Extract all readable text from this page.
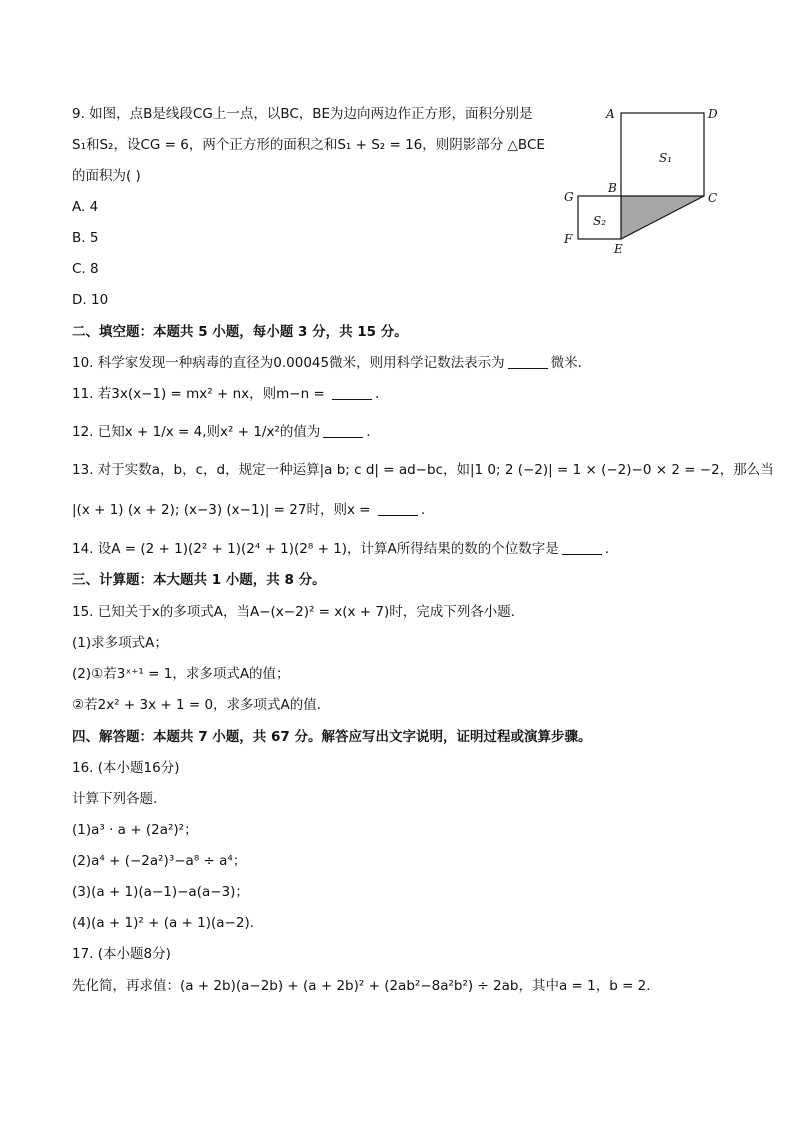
9. 如图，点B是线段CG上一点，以BC，BE为边向两边作正方形，面积分别是
S₁和S₂，设CG = 6，两个正方形的面积之和S₁ + S₂ = 16，则阴影部分 △BCE
的面积为( )
A. 4
B. 5
C. 8
D. 10
A	D
S₁
G
B
C
S₂
F
E
二、填空题：本题共 5 小题，每小题 3 分，共 15 分。
10. 科学家发现一种病毒的直径为0.00045微米，则用科学记数法表示为	微米．
11. 若3x(x−1) = mx² + nx，则m−n =	．
12. 已知x + 1/x = 4,则x² + 1/x²的值为	．
13. 对于实数a，b，c，d，规定一种运算|a b; c d| = ad−bc，如|1 0; 2 (−2)| = 1 × (−2)−0 × 2 = −2，那么当
|(x + 1) (x + 2); (x−3) (x−1)| = 27时，则x =	．
14. 设A = (2 + 1)(2² + 1)(2⁴ + 1)(2⁸ + 1)，计算A所得结果的数的个位数字是	．
三、计算题：本大题共 1 小题，共 8 分。
15. 已知关于x的多项式A，当A−(x−2)² = x(x + 7)时，完成下列各小题．
(1)求多项式A；
(2)①若3ˣ⁺¹ = 1，求多项式A的值；
②若2x² + 3x + 1 = 0，求多项式A的值．
四、解答题：本题共 7 小题，共 67 分。解答应写出文字说明，证明过程或演算步骤。
16. (本小题16分)
计算下列各题．
(1)a³ · a + (2a²)²；
(2)a⁴ + (−2a²)³−a⁸ ÷ a⁴；
(3)(a + 1)(a−1)−a(a−3)；
(4)(a + 1)² + (a + 1)(a−2)．
17. (本小题8分)
先化简，再求值：(a + 2b)(a−2b) + (a + 2b)² + (2ab²−8a²b²) ÷ 2ab，其中a = 1，b = 2．
